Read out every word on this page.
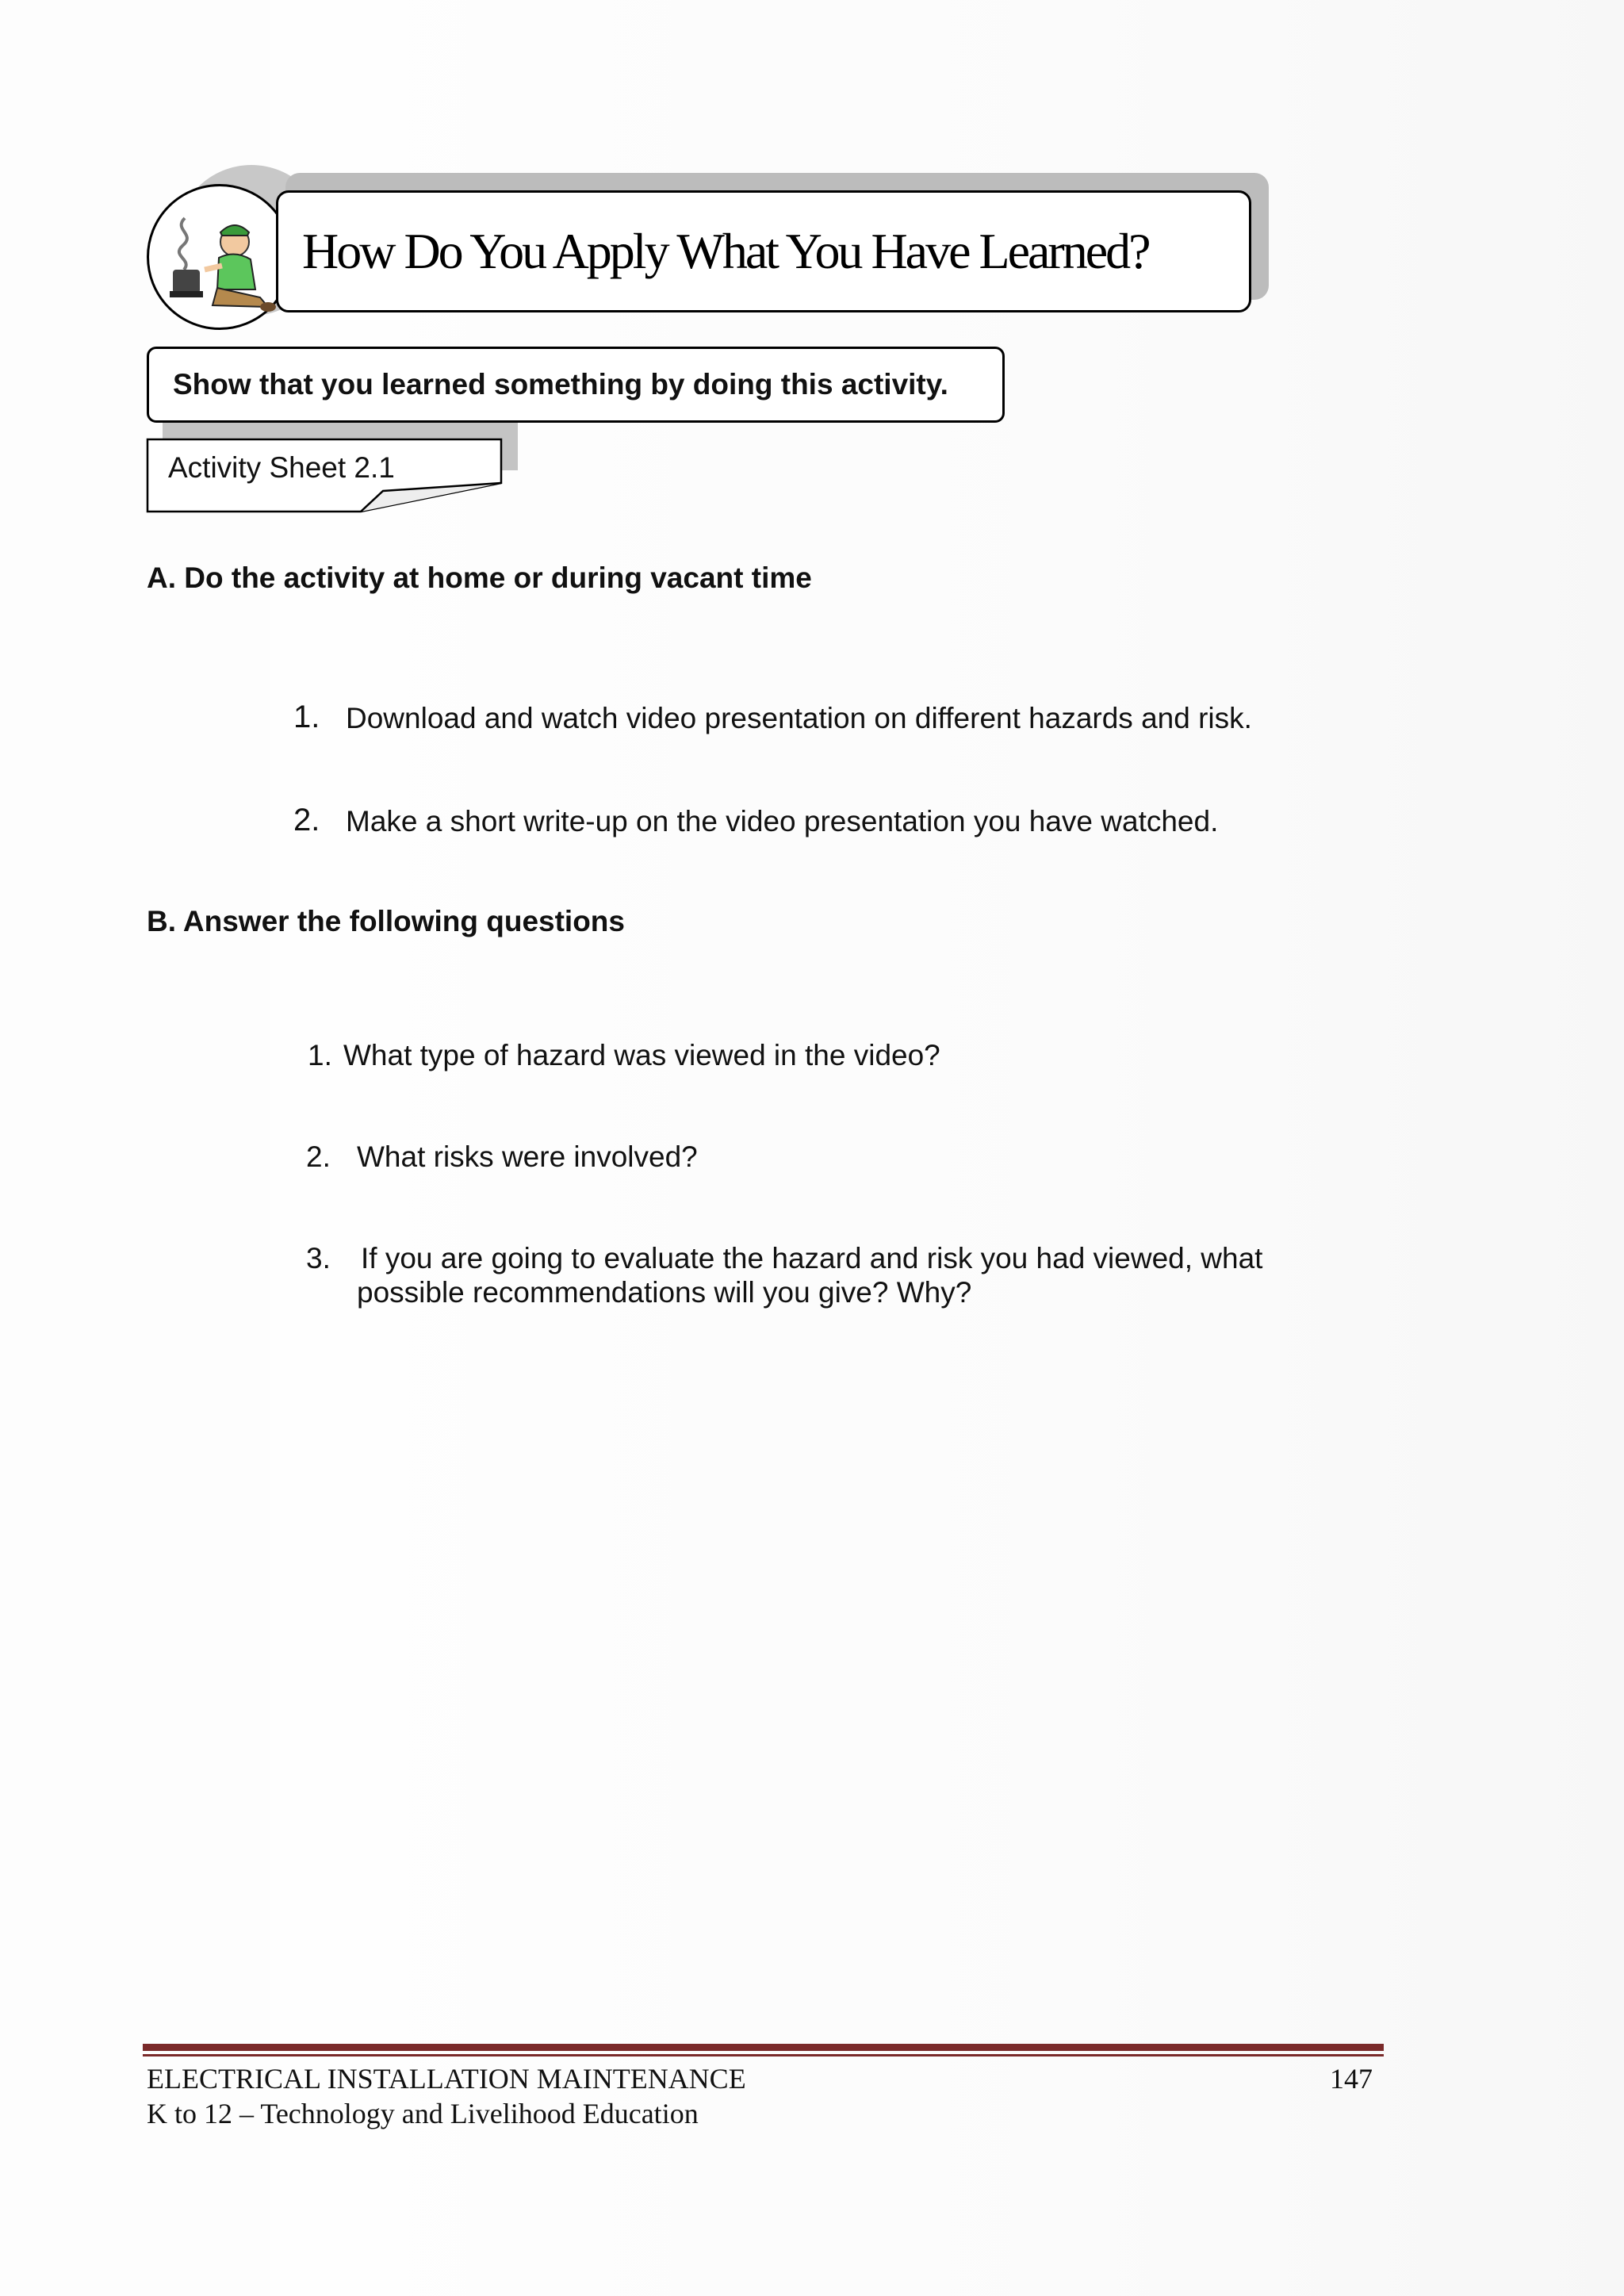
How Do You Apply What You Have Learned?
Show that you learned something by doing this activity.
Activity Sheet 2.1
A. Do the activity at home or during vacant time
1. Download and watch video presentation on different hazards and risk.
2. Make a short write-up on the video presentation you have watched.
B. Answer the following questions
1. What type of hazard was viewed in the video?
2. What risks were involved?
3. If you are going to evaluate the hazard and risk you had viewed, what
possible recommendations will you give? Why?
ELECTRICAL INSTALLATION MAINTENANCE
K to 12 – Technology and Livelihood Education
147
